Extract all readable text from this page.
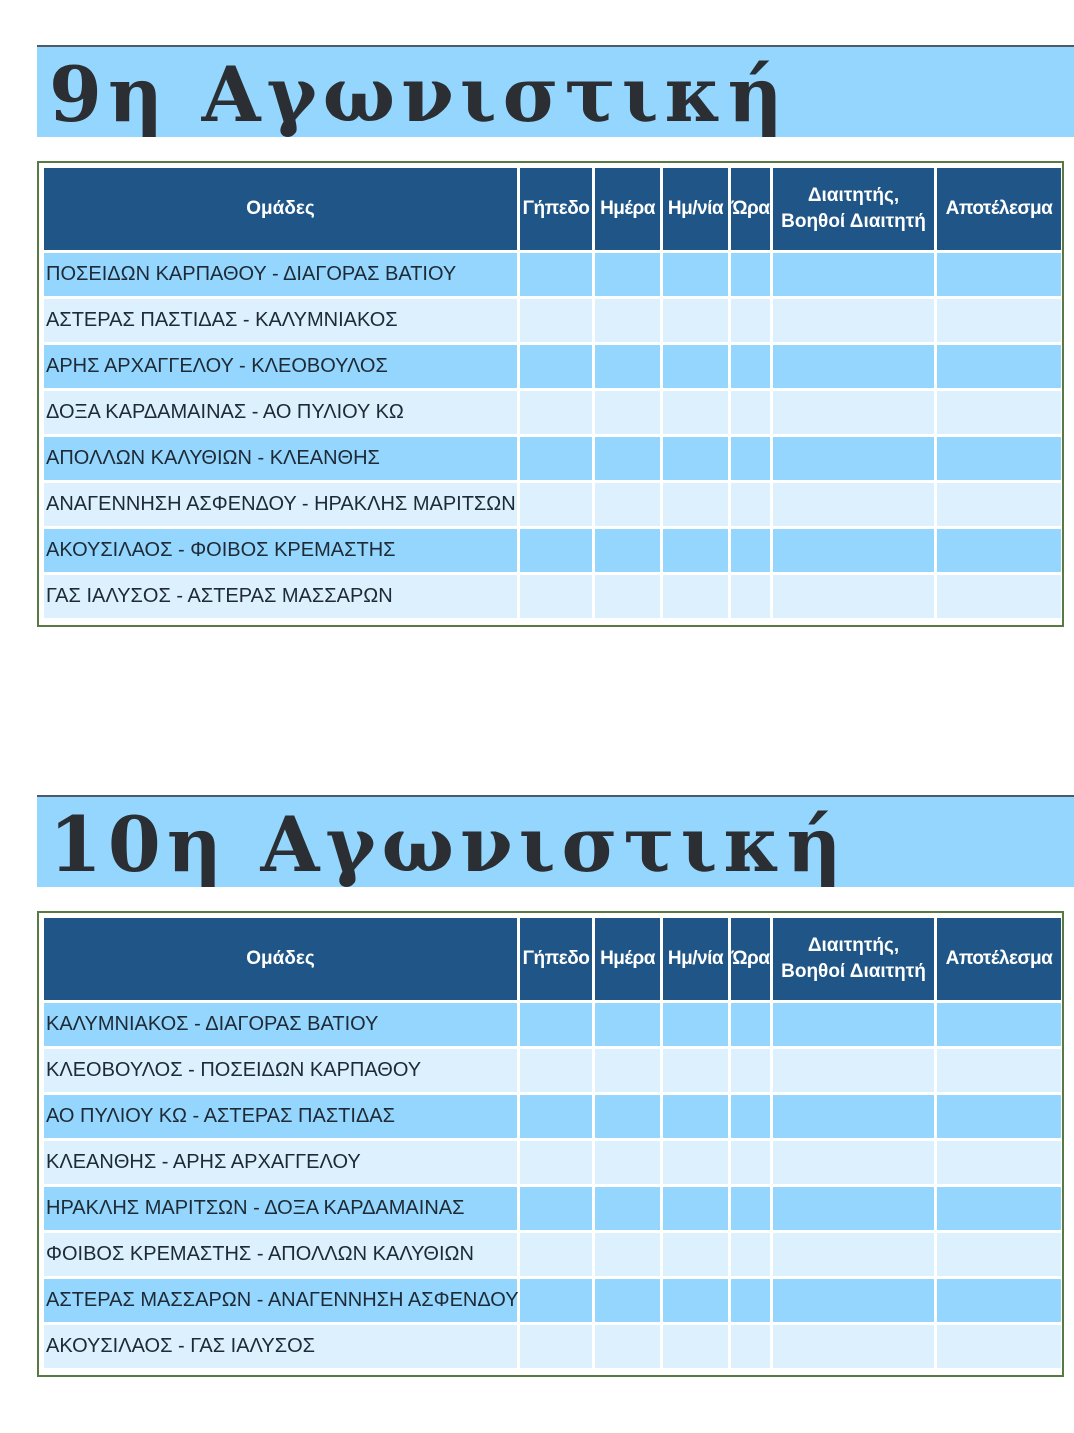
9η Αγωνιστική
Ομάδες	Γήπεδο	Ημέρα	Ημ/νία	Ώρα	Διαιτητής,
Βοηθοί Διαιτητή	Αποτέλεσμα
ΠΟΣΕΙΔΩΝ ΚΑΡΠΑΘΟΥ - ΔΙΑΓΟΡΑΣ ΒΑΤΙΟΥ						
ΑΣΤΕΡΑΣ ΠΑΣΤΙΔΑΣ - ΚΑΛΥΜΝΙΑΚΟΣ						
ΑΡΗΣ ΑΡΧΑΓΓΕΛΟΥ - ΚΛΕΟΒΟΥΛΟΣ						
ΔΟΞΑ ΚΑΡΔΑΜΑΙΝΑΣ - ΑΟ ΠΥΛΙΟΥ ΚΩ						
ΑΠΟΛΛΩΝ ΚΑΛΥΘΙΩΝ - ΚΛΕΑΝΘΗΣ						
ΑΝΑΓΕΝΝΗΣΗ ΑΣΦΕΝΔΟΥ - ΗΡΑΚΛΗΣ ΜΑΡΙΤΣΩΝ						
ΑΚΟΥΣΙΛΑΟΣ - ΦΟΙΒΟΣ ΚΡΕΜΑΣΤΗΣ						
ΓΑΣ ΙΑΛΥΣΟΣ - ΑΣΤΕΡΑΣ ΜΑΣΣΑΡΩΝ						
10η Αγωνιστική
Ομάδες	Γήπεδο	Ημέρα	Ημ/νία	Ώρα	Διαιτητής,
Βοηθοί Διαιτητή	Αποτέλεσμα
ΚΑΛΥΜΝΙΑΚΟΣ - ΔΙΑΓΟΡΑΣ ΒΑΤΙΟΥ						
ΚΛΕΟΒΟΥΛΟΣ - ΠΟΣΕΙΔΩΝ ΚΑΡΠΑΘΟΥ						
ΑΟ ΠΥΛΙΟΥ ΚΩ - ΑΣΤΕΡΑΣ ΠΑΣΤΙΔΑΣ						
ΚΛΕΑΝΘΗΣ - ΑΡΗΣ ΑΡΧΑΓΓΕΛΟΥ						
ΗΡΑΚΛΗΣ ΜΑΡΙΤΣΩΝ - ΔΟΞΑ ΚΑΡΔΑΜΑΙΝΑΣ						
ΦΟΙΒΟΣ ΚΡΕΜΑΣΤΗΣ - ΑΠΟΛΛΩΝ ΚΑΛΥΘΙΩΝ						
ΑΣΤΕΡΑΣ ΜΑΣΣΑΡΩΝ - ΑΝΑΓΕΝΝΗΣΗ ΑΣΦΕΝΔΟΥ						
ΑΚΟΥΣΙΛΑΟΣ - ΓΑΣ ΙΑΛΥΣΟΣ						
